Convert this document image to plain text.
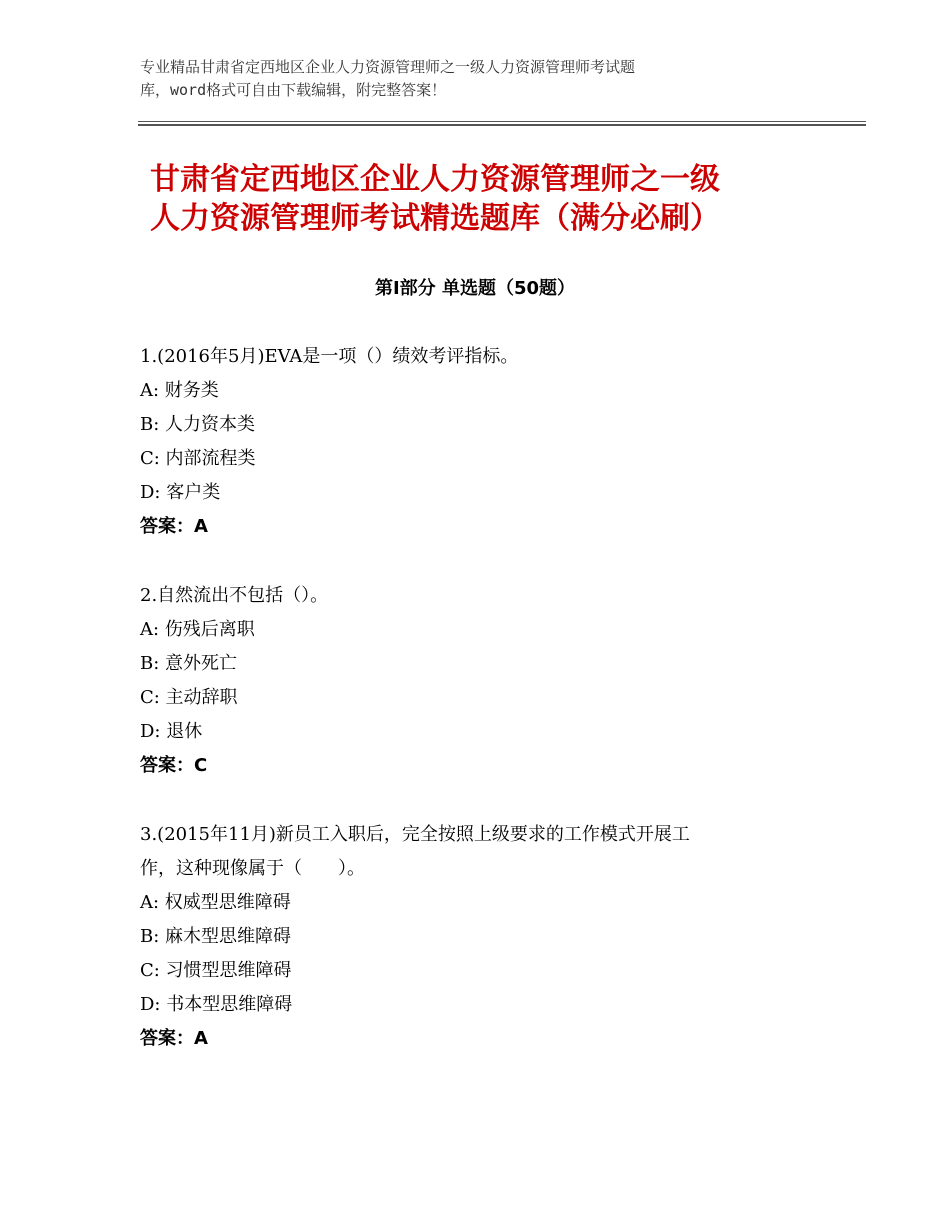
专业精品甘肃省定西地区企业人力资源管理师之一级人力资源管理师考试题
库，word格式可自由下载编辑，附完整答案！
甘肃省定西地区企业人力资源管理师之一级
人力资源管理师考试精选题库（满分必刷）
第Ⅰ部分 单选题（50题）
1.(2016年5月)EVA是一项（）绩效考评指标。
A: 财务类
B: 人力资本类
C: 内部流程类
D: 客户类
答案：A
2.自然流出不包括（）。
A: 伤残后离职
B: 意外死亡
C: 主动辞职
D: 退休
答案：C
3.(2015年11月)新员工入职后，完全按照上级要求的工作模式开展工
作，这种现像属于（　　）。
A: 权威型思维障碍
B: 麻木型思维障碍
C: 习惯型思维障碍
D: 书本型思维障碍
答案：A
